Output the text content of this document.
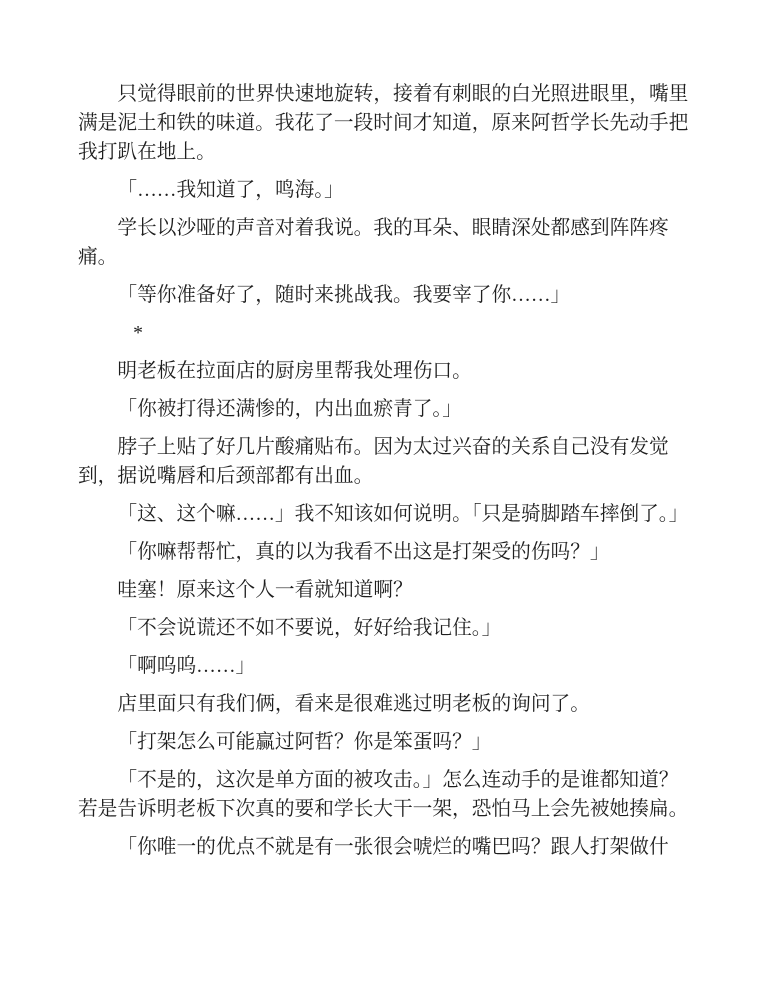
只觉得眼前的世界快速地旋转，接着有刺眼的白光照进眼里，嘴里满是泥土和铁的味道。我花了一段时间才知道，原来阿哲学长先动手把我打趴在地上。

「……我知道了，鸣海。」

学长以沙哑的声音对着我说。我的耳朵、眼睛深处都感到阵阵疼痛。

「等你准备好了，随时来挑战我。我要宰了你……」

*

明老板在拉面店的厨房里帮我处理伤口。

「你被打得还满惨的，内出血瘀青了。」

脖子上贴了好几片酸痛贴布。因为太过兴奋的关系自己没有发觉到，据说嘴唇和后颈部都有出血。

「这、这个嘛……」我不知该如何说明。「只是骑脚踏车摔倒了。」

「你嘛帮帮忙，真的以为我看不出这是打架受的伤吗？」

哇塞！原来这个人一看就知道啊？

「不会说谎还不如不要说，好好给我记住。」

「啊呜呜……」

店里面只有我们俩，看来是很难逃过明老板的询问了。

「打架怎么可能赢过阿哲？你是笨蛋吗？」

「不是的，这次是单方面的被攻击。」怎么连动手的是谁都知道？若是告诉明老板下次真的要和学长大干一架，恐怕马上会先被她揍扁。

「你唯一的优点不就是有一张很会唬烂的嘴巴吗？跟人打架做什
